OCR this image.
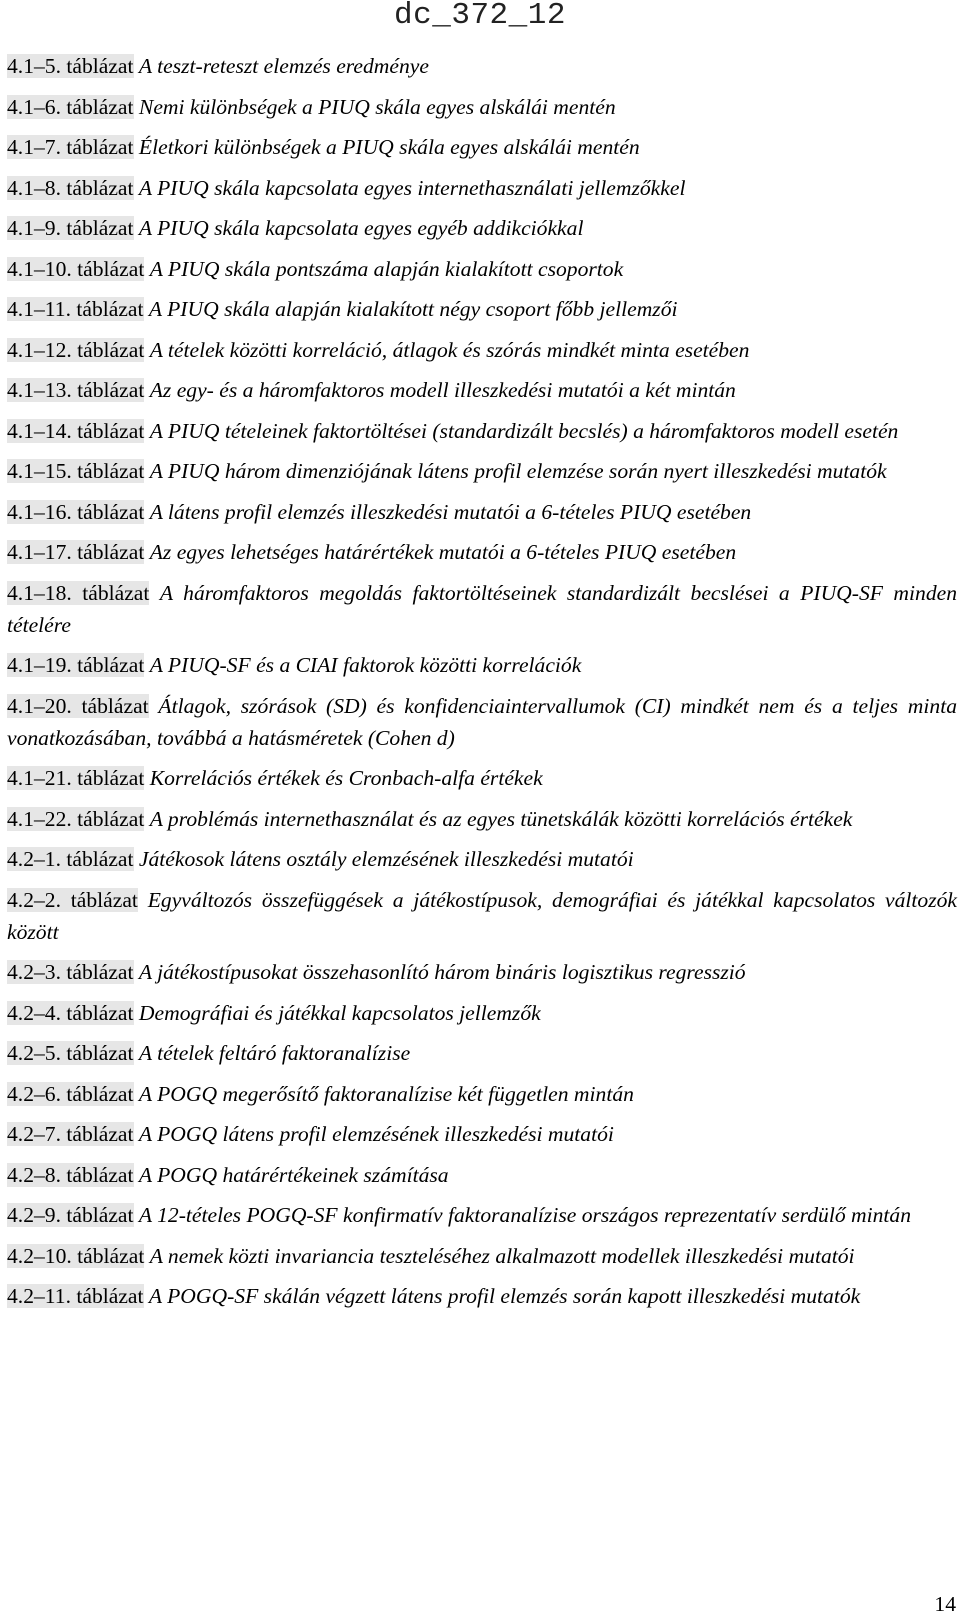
dc_372_12
4.1–5. táblázat A teszt-reteszt elemzés eredménye
4.1–6. táblázat Nemi különbségek a PIUQ skála egyes alskálái mentén
4.1–7. táblázat Életkori különbségek a PIUQ skála egyes alskálái mentén
4.1–8. táblázat A PIUQ skála kapcsolata egyes internethasználati jellemzőkkel
4.1–9. táblázat A PIUQ skála kapcsolata egyes egyéb addikciókkal
4.1–10. táblázat A PIUQ skála pontszáma alapján kialakított csoportok
4.1–11. táblázat A PIUQ skála alapján kialakított négy csoport főbb jellemzői
4.1–12. táblázat A tételek közötti korreláció, átlagok és szórás mindkét minta esetében
4.1–13. táblázat Az egy- és a háromfaktoros modell illeszkedési mutatói a két mintán
4.1–14. táblázat A PIUQ tételeinek faktortöltései (standardizált becslés) a háromfaktoros modell esetén
4.1–15. táblázat A PIUQ három dimenziójának látens profil elemzése során nyert illeszkedési mutatók
4.1–16. táblázat A látens profil elemzés illeszkedési mutatói a 6-tételes PIUQ esetében
4.1–17. táblázat Az egyes lehetséges határértékek mutatói a 6-tételes PIUQ esetében
4.1–18. táblázat A háromfaktoros megoldás faktortöltéseinek standardizált becslései a PIUQ-SF minden tételére
4.1–19. táblázat A PIUQ-SF és a CIAI faktorok közötti korrelációk
4.1–20. táblázat Átlagok, szórások (SD) és konfidenciaintervallumok (CI) mindkét nem és a teljes minta vonatkozásában, továbbá a hatásméretek (Cohen d)
4.1–21. táblázat Korrelációs értékek és Cronbach-alfa értékek
4.1–22. táblázat A problémás internethasználat és az egyes tünetskálák közötti korrelációs értékek
4.2–1. táblázat Játékosok látens osztály elemzésének illeszkedési mutatói
4.2–2. táblázat Egyváltozós összefüggések a játékostípusok, demográfiai és játékkal kapcsolatos változók között
4.2–3. táblázat A játékostípusokat összehasonlító három bináris logisztikus regresszió
4.2–4. táblázat Demográfiai és játékkal kapcsolatos jellemzők
4.2–5. táblázat A tételek feltáró faktoranalízise
4.2–6. táblázat A POGQ megerősítő faktoranalízise két független mintán
4.2–7. táblázat A POGQ látens profil elemzésének illeszkedési mutatói
4.2–8. táblázat A POGQ határértékeinek számítása
4.2–9. táblázat A 12-tételes POGQ-SF konfirmatív faktoranalízise országos reprezentatív serdülő mintán
4.2–10. táblázat A nemek közti invariancia teszteléséhez alkalmazott modellek illeszkedési mutatói
4.2–11. táblázat A POGQ-SF skálán végzett látens profil elemzés során kapott illeszkedési mutatók
14
